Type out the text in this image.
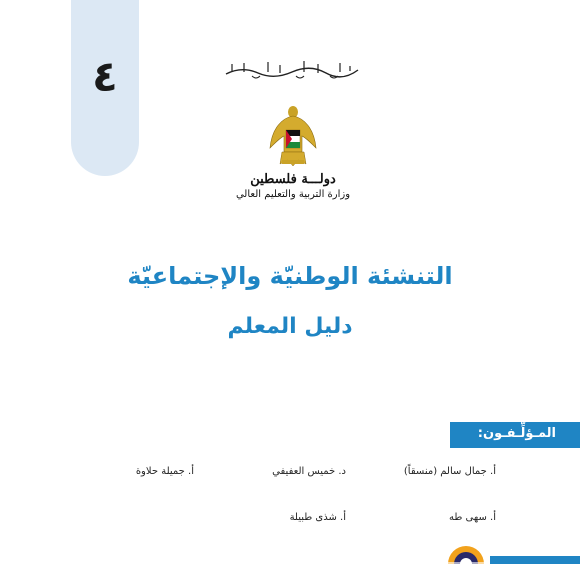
٤
دولـــة فلسطين
وزارة التربية والتعليم العالي
التنشئة الوطنيّة والإجتماعيّة
دليل المعلم
المـؤلِّـفـون:
أ. جمال سالم (منسقاً)
د. خميس العفيفي
أ. جميلة حلاوة
أ. سهى طه
أ. شذى طبيلة
